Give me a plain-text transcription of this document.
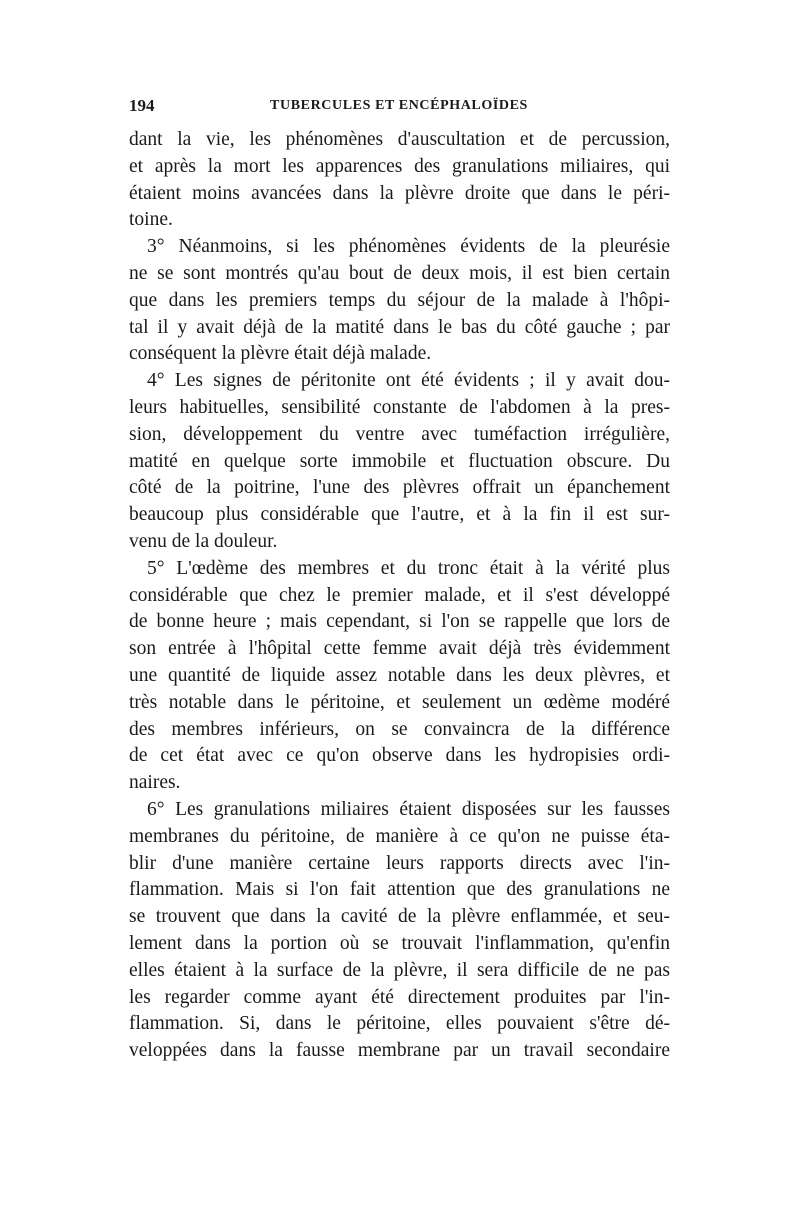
194	TUBERCULES ET ENCÉPHALOÏDES
dant la vie, les phénomènes d'auscultation et de percussion,
et après la mort les apparences des granulations miliaires, qui
étaient moins avancées dans la plèvre droite que dans le péri-
toine.
3° Néanmoins, si les phénomènes évidents de la pleurésie
ne se sont montrés qu'au bout de deux mois, il est bien certain
que dans les premiers temps du séjour de la malade à l'hôpi-
tal il y avait déjà de la matité dans le bas du côté gauche ; par
conséquent la plèvre était déjà malade.
4° Les signes de péritonite ont été évidents ; il y avait dou-
leurs habituelles, sensibilité constante de l'abdomen à la pres-
sion, développement du ventre avec tuméfaction irrégulière,
matité en quelque sorte immobile et fluctuation obscure. Du
côté de la poitrine, l'une des plèvres offrait un épanchement
beaucoup plus considérable que l'autre, et à la fin il est sur-
venu de la douleur.
5° L'œdème des membres et du tronc était à la vérité plus
considérable que chez le premier malade, et il s'est développé
de bonne heure ; mais cependant, si l'on se rappelle que lors de
son entrée à l'hôpital cette femme avait déjà très évidemment
une quantité de liquide assez notable dans les deux plèvres, et
très notable dans le péritoine, et seulement un œdème modéré
des membres inférieurs, on se convaincra de la différence
de cet état avec ce qu'on observe dans les hydropisies ordi-
naires.
6° Les granulations miliaires étaient disposées sur les fausses
membranes du péritoine, de manière à ce qu'on ne puisse éta-
blir d'une manière certaine leurs rapports directs avec l'in-
flammation. Mais si l'on fait attention que des granulations ne
se trouvent que dans la cavité de la plèvre enflammée, et seu-
lement dans la portion où se trouvait l'inflammation, qu'enfin
elles étaient à la surface de la plèvre, il sera difficile de ne pas
les regarder comme ayant été directement produites par l'in-
flammation. Si, dans le péritoine, elles pouvaient s'être dé-
veloppées dans la fausse membrane par un travail secondaire
